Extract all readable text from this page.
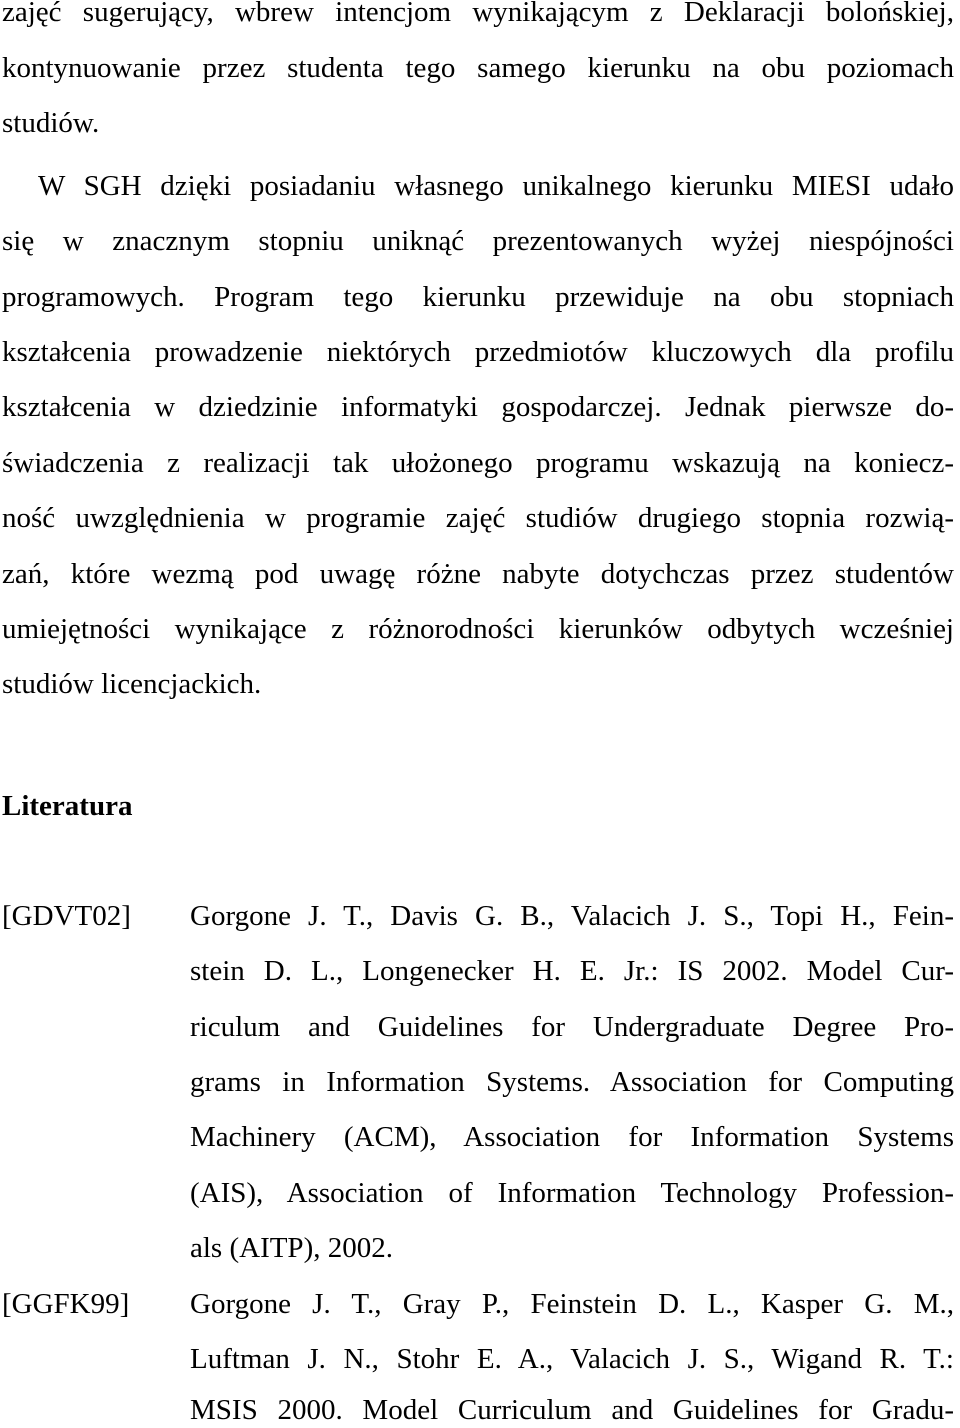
zajęć sugerujący, wbrew intencjom wynikającym z Deklaracji bolońskiej,
kontynuowanie przez studenta tego samego kierunku na obu poziomach
studiów.
W SGH dzięki posiadaniu własnego unikalnego kierunku MIESI udało
się w znacznym stopniu uniknąć prezentowanych wyżej niespójności
programowych. Program tego kierunku przewiduje na obu stopniach
kształcenia prowadzenie niektórych przedmiotów kluczowych dla profilu
kształcenia w dziedzinie informatyki gospodarczej. Jednak pierwsze do-
świadczenia z realizacji tak ułożonego programu wskazują na koniecz-
ność uwzględnienia w programie zajęć studiów drugiego stopnia rozwią-
zań, które wezmą pod uwagę różne nabyte dotychczas przez studentów
umiejętności wynikające z różnorodności kierunków odbytych wcześniej
studiów licencjackich.
Literatura
[GDVT02] Gorgone J. T., Davis G. B., Valacich J. S., Topi H., Fein-
stein D. L., Longenecker H. E. Jr.: IS 2002. Model Cur-
riculum and Guidelines for Undergraduate Degree Pro-
grams in Information Systems. Association for Computing
Machinery (ACM), Association for Information Systems
(AIS), Association of Information Technology Profession-
als (AITP), 2002.
[GGFK99] Gorgone J. T., Gray P., Feinstein D. L., Kasper G. M.,
Luftman J. N., Stohr E. A., Valacich J. S., Wigand R. T.:
MSIS 2000. Model Curriculum and Guidelines for Gradu-
